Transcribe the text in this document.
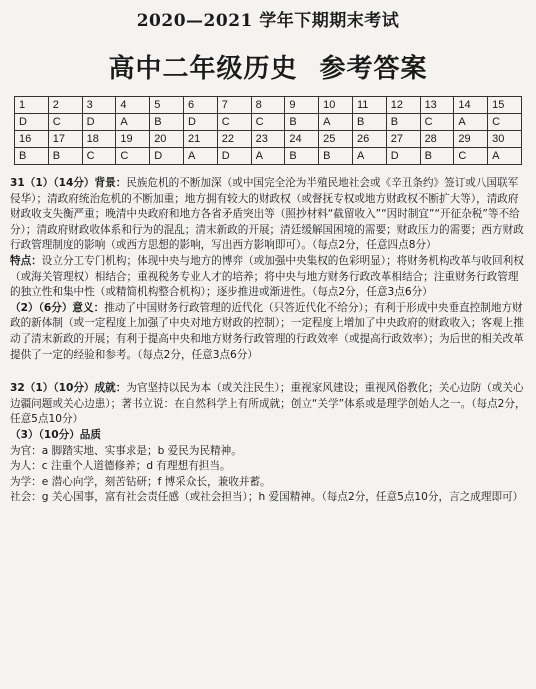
2020—2021 学年下期期末考试
高中二年级历史 参考答案
1	2	3	4	5	6	7	8	9	10	11	12	13	14	15
D	C	D	A	B	D	C	C	B	A	B	B	C	A	C
16	17	18	19	20	21	22	23	24	25	26	27	28	29	30
B	B	C	C	D	A	D	A	B	B	A	D	B	C	A

31（1）（14分）背景：民族危机的不断加深（或中国完全沦为半殖民地社会或《辛丑条约》签订或八国联军侵华）；清政府统治危机的不断加重；地方拥有较大的财政权（或督抚专权或地方财政权不断扩大等），清政府财政收支失衡严重；晚清中央政府和地方各省矛盾突出等（照抄材料“截留收入”“因时制宜”“开征杂税”等不给分）；清政府财政收体系和行为的混乱；清末新政的开展；清廷缓解国困境的需要；财政压力的需要；西方财政行政管理制度的影响（或西方思想的影响，写出西方影响即可）。（每点2分，任意四点8分）

特点：设立分工专门机构；体现中央与地方的博弈（或加强中央集权的色彩明显）；将财务机构改革与收回利权（或海关管理权）相结合；重视税务专业人才的培养；将中央与地方财务行政改革相结合；注重财务行政管理的独立性和集中性（或精简机构整合机构）；逐步推进或渐进性。（每点2分，任意3点6分）

（2）（6分）意义：推动了中国财务行政管理的近代化（只答近代化不给分）；有利于形成中央垂直控制地方财政的新体制（或一定程度上加强了中央对地方财政的控制）；一定程度上增加了中央政府的财政收入；客观上推动了清末新政的开展；有利于提高中央和地方财务行政管理的行政效率（或提高行政效率）；为后世的相关改革提供了一定的经验和参考。（每点2分，任意3点6分）

32（1）（10分）成就：为官坚持以民为本（或关注民生）；重视家风建设；重视风俗教化；关心边防（或关心边疆问题或关心边患）；著书立说：在自然科学上有所成就；创立“关学”体系或是理学创始人之一。（每点2分，任意5点10分）

（3）（10分）品质

为官：a 脚踏实地、实事求是；b 爱民为民精神。

为人：c 注重个人道德修养；d 有理想有担当。

为学：e 潜心向学，刻苦钻研；f 博采众长，兼收并蓄。

社会：g 关心国事，富有社会责任感（或社会担当）；h 爱国精神。（每点2分，任意5点10分，言之成理即可）
